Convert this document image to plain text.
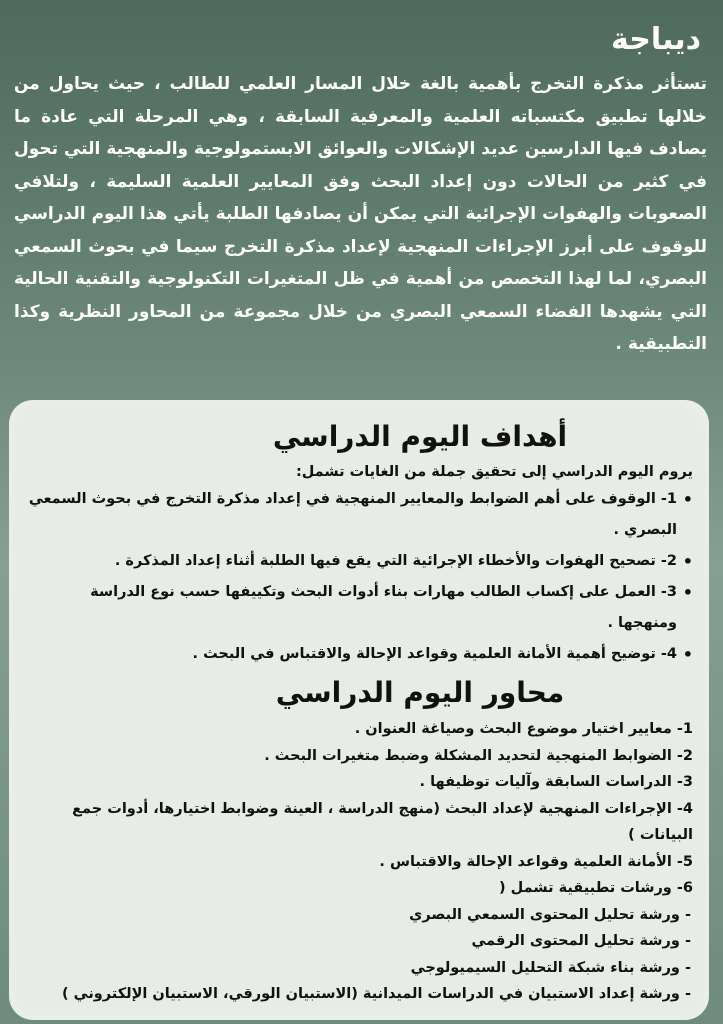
ديباجة

تستأثر مذكرة التخرج بأهمية بالغة خلال المسار العلمي للطالب ، حيث يحاول من خلالها تطبيق مكتسباته العلمية والمعرفية السابقة ، وهي المرحلة التي عادة ما يصادف فيها الدارسين عديد الإشكالات والعوائق الابستمولوجية والمنهجية التي تحول في كثير من الحالات دون إعداد البحث وفق المعايير العلمية السليمة ، ولتلافي الصعوبات والهفوات الإجرائية التي يمكن أن يصادفها الطلبة يأتي هذا اليوم الدراسي للوقوف على أبرز الإجراءات المنهجية لإعداد مذكرة التخرج سيما في بحوث السمعي البصري، لما لهذا التخصص من أهمية في ظل المتغيرات التكنولوجية والتقنية الحالية التي يشهدها الفضاء السمعي البصري من خلال مجموعة من المحاور النظرية وكذا التطبيقية .

أهداف اليوم الدراسي

يروم اليوم الدراسي إلى تحقيق جملة من الغايات تشمل:

• 1- الوقوف على أهم الضوابط والمعايير المنهجية في إعداد مذكرة التخرج في بحوث السمعي البصري .
• 2- تصحيح الهفوات والأخطاء الإجرائية التي يقع فيها الطلبة أثناء إعداد المذكرة .
• 3- العمل على إكساب الطالب مهارات بناء أدوات البحث وتكييفها حسب نوع الدراسة ومنهجها .
• 4- توضيح أهمية الأمانة العلمية وقواعد الإحالة والاقتباس في البحث .
محاور اليوم الدراسي
1- معايير اختيار موضوع البحث وصياغة العنوان .
2- الضوابط المنهجية لتحديد المشكلة وضبط متغيرات البحث .
3- الدراسات السابقة وآليات توظيفها .
4- الإجراءات المنهجية لإعداد البحث (منهج الدراسة ، العينة وضوابط اختيارها، أدوات جمع البيانات )
5- الأمانة العلمية وقواعد الإحالة والاقتباس .
6- ورشات تطبيقية تشمل (
- ورشة تحليل المحتوى السمعي البصري
- ورشة تحليل المحتوى الرقمي
- ورشة بناء شبكة التحليل السيميولوجي
- ورشة إعداد الاستبيان في الدراسات الميدانية (الاستبيان الورقي، الاستبيان الإلكتروني )
